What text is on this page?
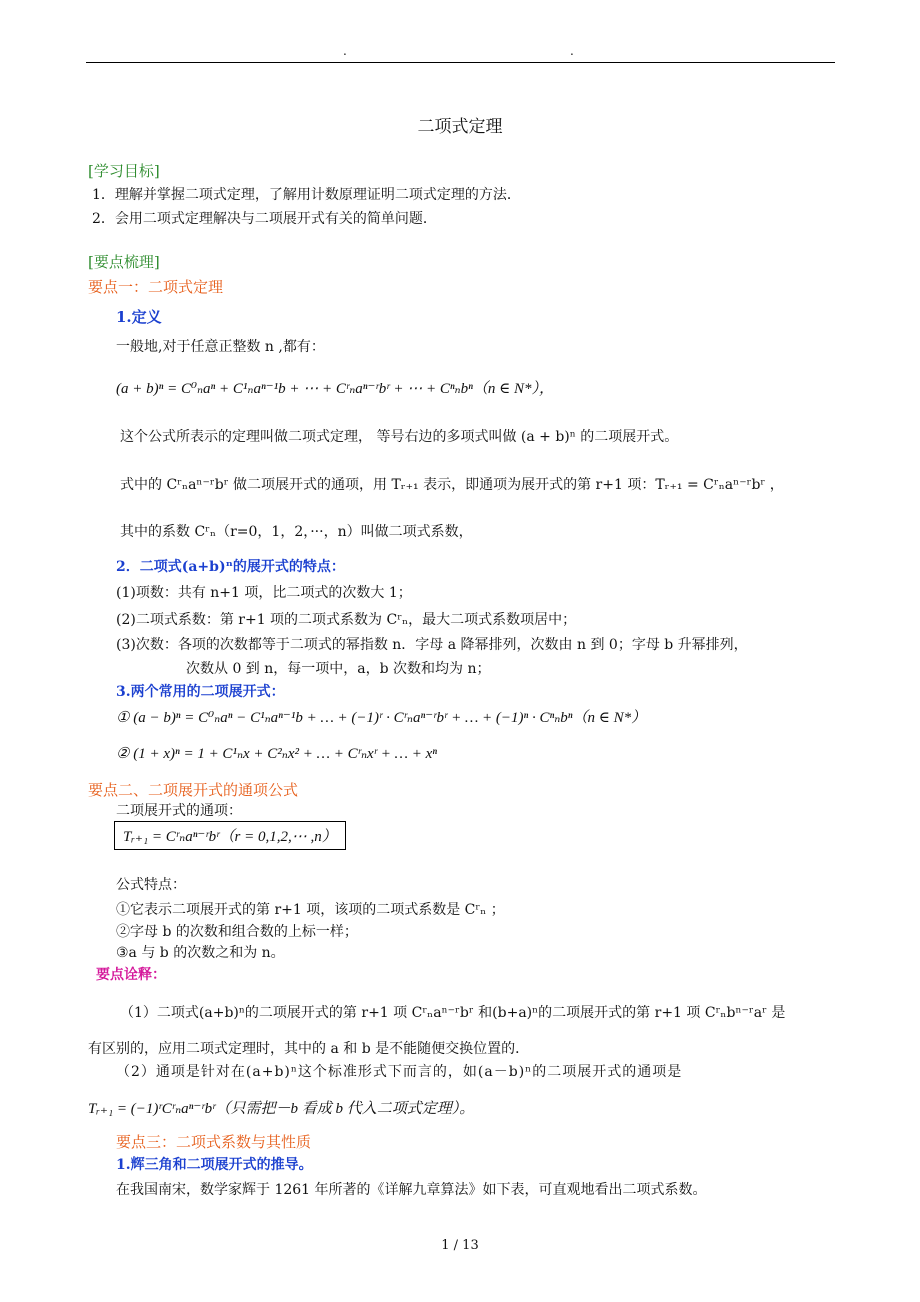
.	.
二项式定理
[学习目标]
1．理解并掌握二项式定理，了解用计数原理证明二项式定理的方法．
2．会用二项式定理解决与二项展开式有关的简单问题．
[要点梳理]
要点一：二项式定理
1.定义
一般地,对于任意正整数 n ,都有：
(a + b)ⁿ = C⁰ₙaⁿ + C¹ₙaⁿ⁻¹b + ⋯ + Cʳₙaⁿ⁻ʳbʳ + ⋯ + Cⁿₙbⁿ（n ∈ N*），
这个公式所表示的定理叫做二项式定理， 等号右边的多项式叫做 (a + b)ⁿ 的二项展开式。
式中的 Cʳₙaⁿ⁻ʳbʳ 做二项展开式的通项，用 Tᵣ₊₁ 表示，即通项为展开式的第 r+1 项：Tᵣ₊₁ = Cʳₙaⁿ⁻ʳbʳ ，
其中的系数 Cʳₙ（r=0，1，2，···，n）叫做二项式系数，
2．二项式(a+b)ⁿ的展开式的特点：
(1)项数：共有 n+1 项，比二项式的次数大 1；
(2)二项式系数：第 r+1 项的二项式系数为 Cʳₙ，最大二项式系数项居中；
(3)次数：各项的次数都等于二项式的幂指数 n．字母 a 降幂排列，次数由 n 到 0；字母 b 升幂排列，
次数从 0 到 n，每一项中，a，b 次数和均为 n；
3.两个常用的二项展开式：
① (a − b)ⁿ = C⁰ₙaⁿ − C¹ₙaⁿ⁻¹b + … + (−1)ʳ · Cʳₙaⁿ⁻ʳbʳ + … + (−1)ⁿ · Cⁿₙbⁿ（n ∈ N*）
② (1 + x)ⁿ = 1 + C¹ₙx + C²ₙx² + … + Cʳₙxʳ + … + xⁿ
要点二、二项展开式的通项公式
二项展开式的通项：
Tᵣ₊₁ = Cʳₙaⁿ⁻ʳbʳ（r = 0,1,2,⋯ ,n）
公式特点：
①它表示二项展开式的第 r+1 项，该项的二项式系数是 Cʳₙ ；
②字母 b 的次数和组合数的上标一样；
③a 与 b 的次数之和为 n。
要点诠释：
（1）二项式(a+b)ⁿ的二项展开式的第 r+1 项 Cʳₙaⁿ⁻ʳbʳ 和(b+a)ⁿ的二项展开式的第 r+1 项 Cʳₙbⁿ⁻ʳaʳ 是
有区别的，应用二项式定理时，其中的 a 和 b 是不能随便交换位置的．
（2）通项是针对在(a+b)ⁿ这个标准形式下而言的，如(a－b)ⁿ的二项展开式的通项是
Tᵣ₊₁ = (−1)ʳCʳₙaⁿ⁻ʳbʳ（只需把－b 看成 b 代入二项式定理）。
要点三：二项式系数与其性质
1.辉三角和二项展开式的推导。
在我国南宋，数学家辉于 1261 年所著的《详解九章算法》如下表，可直观地看出二项式系数。
1 / 13
